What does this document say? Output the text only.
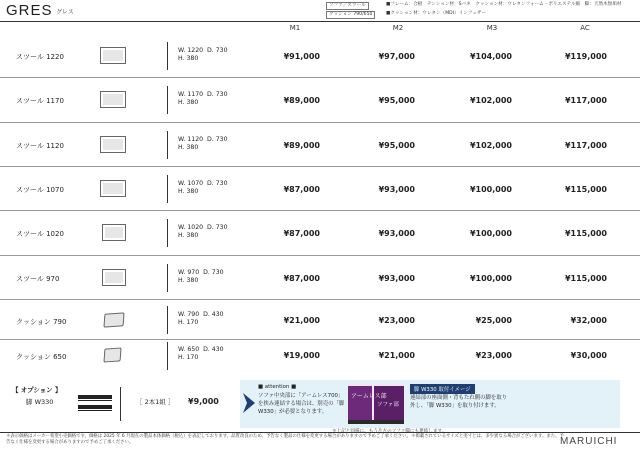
GRES グレス
ソファ／スツール
クッション 790/650
■フレーム：合板　テンション材：Sバネ　クッション材：ウレタンフォーム・ポリエステル綿　脚：天然木無垢材
■クッション材：ウレタン（MDI）インフュザー
M1	M2	M3	AC
スツール 1220
W. 1220 D. 730
H. 380	¥91,000	¥97,000	¥104,000	¥119,000
スツール 1170
W. 1170 D. 730
H. 380	¥89,000	¥95,000	¥102,000	¥117,000
スツール 1120
W. 1120 D. 730
H. 380	¥89,000	¥95,000	¥102,000	¥117,000
スツール 1070
W. 1070 D. 730
H. 380	¥87,000	¥93,000	¥100,000	¥115,000
スツール 1020
W. 1020 D. 730
H. 380	¥87,000	¥93,000	¥100,000	¥115,000
スツール 970
W. 970 D. 730
H. 380	¥87,000	¥93,000	¥100,000	¥115,000
クッション 790
W. 790 D. 430
H. 170	¥21,000	¥23,000	¥25,000	¥32,000
クッション 650
W. 650 D. 430
H. 170	¥19,000	¥21,000	¥23,000	¥30,000
【 オプション 】
脚 W330	［ 2本1組 ］ ¥9,000
■ attention ■
ソファ中央部に「アームレス700」を挟み連結する場合は、別売の「脚W330」が必要となります。
アームレス部
ソファ部
脚 W330 取付イメージ
連結部の座面側・背もたれ側の脚を取り外し、「脚 W330」を取り付けます。
＊表示価格はメーカー希望小売価格です。価格は 2025 年 6 月現在の製品本体価格（税込）を表記しております。品質改良のため、予告なく製品の仕様を変更する場合がありますので予めご了承ください。＊掲載されているサイズと実寸とは、多少異なる場合がございます。また、予告なく仕様を変更する場合がありますので予めご了承ください。	MARUICHI
